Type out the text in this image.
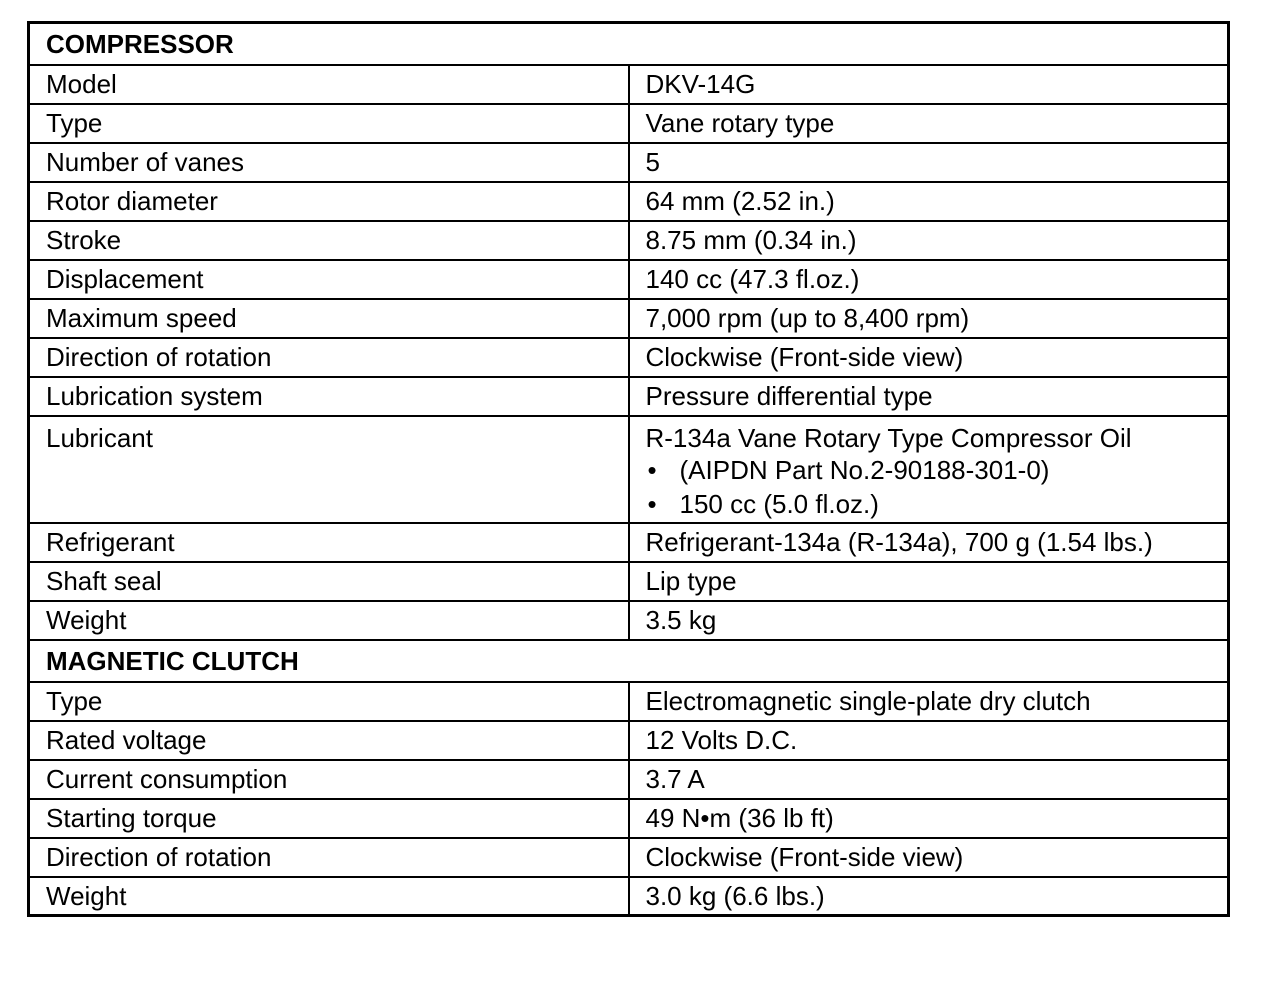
COMPRESSOR	
Model	DKV-14G
Type	Vane rotary type
Number of vanes	5
Rotor diameter	64 mm (2.52 in.)
Stroke	8.75 mm (0.34 in.)
Displacement	140 cc (47.3 fl.oz.)
Maximum speed	7,000 rpm (up to 8,400 rpm)
Direction of rotation	Clockwise (Front-side view)
Lubrication system	Pressure differential type
Lubricant	R-134a Vane Rotary Type Compressor Oil
• (AIPDN Part No.2-90188-301-0)
• 150 cc (5.0 fl.oz.)

Refrigerant	Refrigerant-134a (R-134a), 700 g (1.54 lbs.)
Shaft seal	Lip type
Weight	3.5 kg
MAGNETIC CLUTCH	
Type	Electromagnetic single-plate dry clutch
Rated voltage	12 Volts D.C.
Current consumption	3.7 A
Starting torque	49 N•m (36 lb ft)
Direction of rotation	Clockwise (Front-side view)
Weight	3.0 kg (6.6 lbs.)
